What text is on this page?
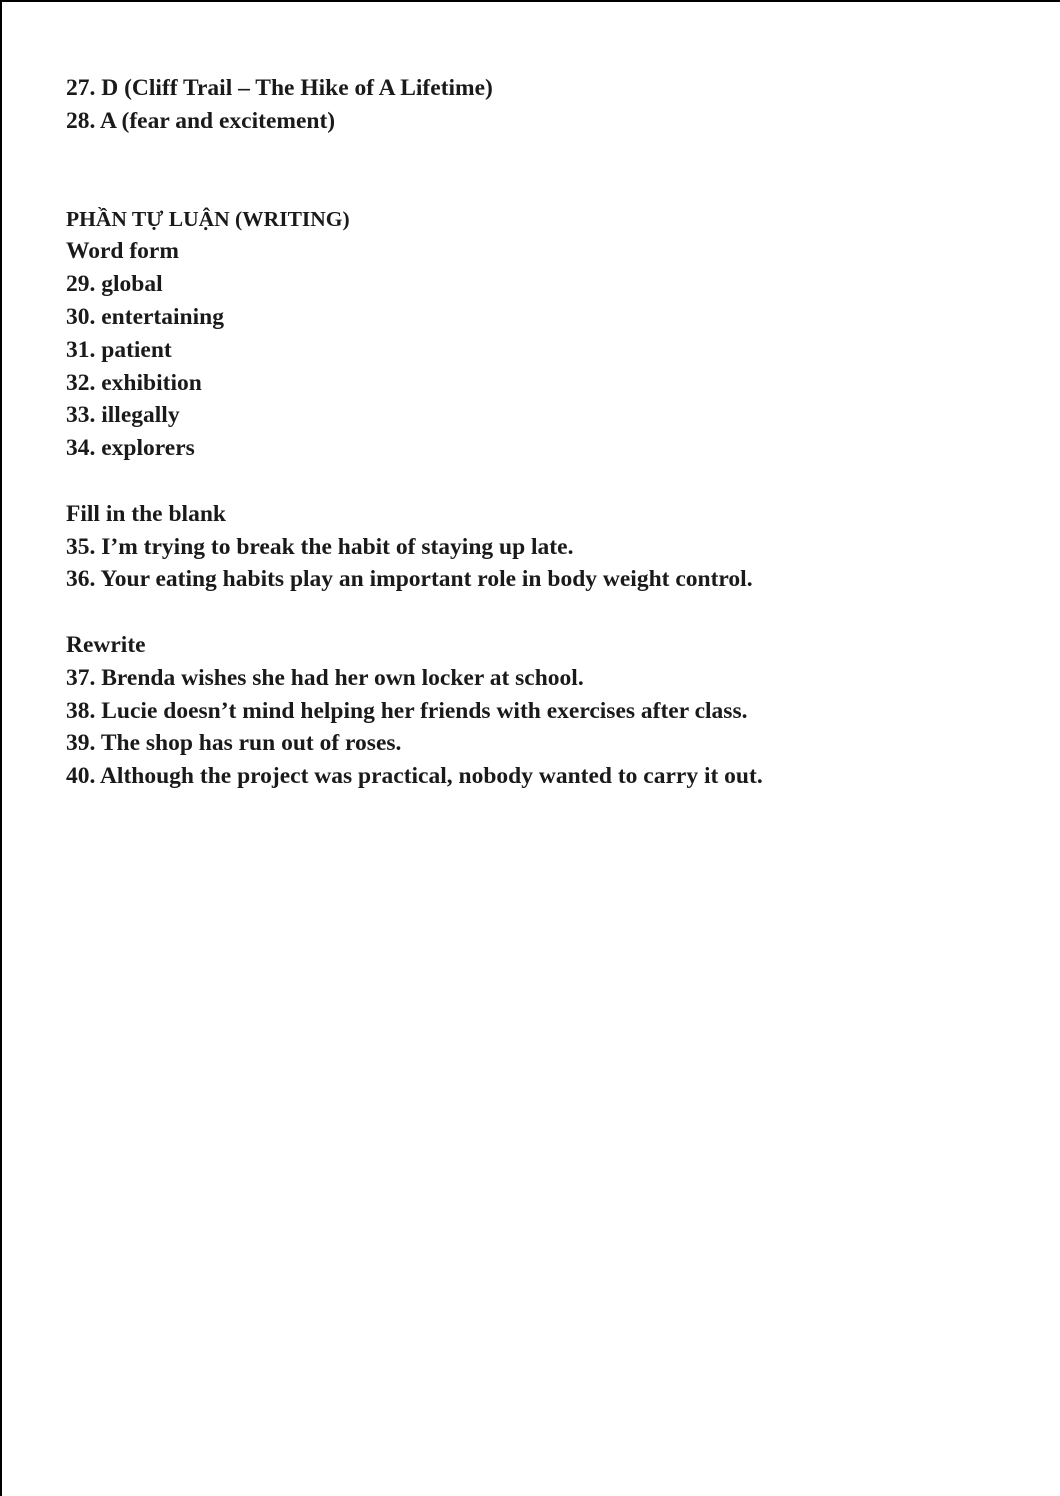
27. D (Cliff Trail – The Hike of A Lifetime)
28. A (fear and excitement)
PHẦN TỰ LUẬN (WRITING)
Word form
29. global
30. entertaining
31. patient
32. exhibition
33. illegally
34. explorers
Fill in the blank
35. I’m trying to break the habit of staying up late.
36. Your eating habits play an important role in body weight control.
Rewrite
37. Brenda wishes she had her own locker at school.
38. Lucie doesn’t mind helping her friends with exercises after class.
39. The shop has run out of roses.
40. Although the project was practical, nobody wanted to carry it out.
